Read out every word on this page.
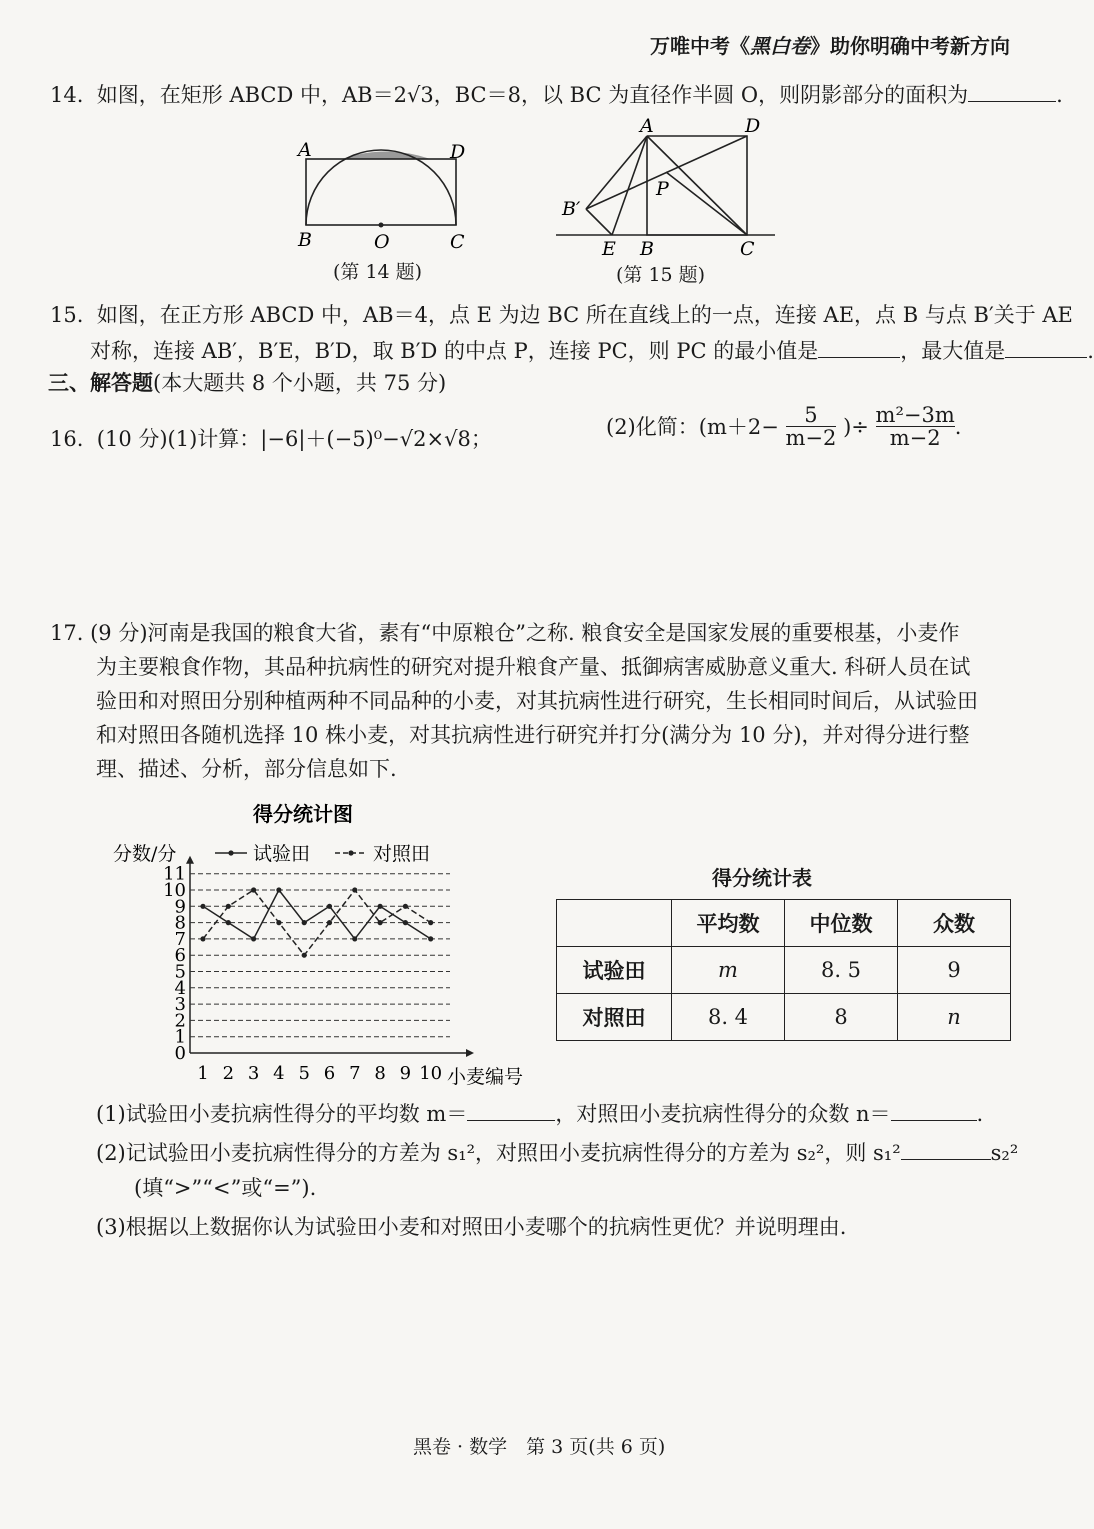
万唯中考《黑白卷》助你明确中考新方向
14. 如图，在矩形 ABCD 中，AB＝2√3，BC＝8，以 BC 为直径作半圆 O，则阴影部分的面积为	.
A	D
B	O	C
(第 14 题)
A	D
P
B′
E B	C
(第 15 题)
15. 如图，在正方形 ABCD 中，AB＝4，点 E 为边 BC 所在直线上的一点，连接 AE，点 B 与点 B′关于 AE
对称，连接 AB′，B′E，B′D，取 B′D 的中点 P，连接 PC，则 PC 的最小值是	，最大值是	.
三、解答题(本大题共 8 个小题，共 75 分)
16. (10 分)(1)计算：|−6|＋(−5)⁰−√2×√8；
(2)化简：($m+2- \frac{5}{m-2}$ )÷ $\frac{\text{m²−3m}}{m-2}$ .
17. (9 分)河南是我国的粮食大省，素有“中原粮仓”之称. 粮食安全是国家发展的重要根基，小麦作
为主要粮食作物，其品种抗病性的研究对提升粮食产量、抵御病害威胁意义重大. 科研人员在试
验田和对照田分别种植两种不同品种的小麦，对其抗病性进行研究，生长相同时间后，从试验田
和对照田各随机选择 10 株小麦，对其抗病性进行研究并打分(满分为 10 分)，并对得分进行整
理、描述、分析，部分信息如下.
得分统计图
分数/分
小麦编号
试验田	对照田
0
1
2
3
4
5
6
7
8
9
10
11
1 2 3 4 5 6 7 8 9 10
得分统计表
	平均数	中位数	众数
试验田	m	8. 5	9
对照田	8. 4	8	n
(1)试验田小麦抗病性得分的平均数 m＝	，对照田小麦抗病性得分的众数 n＝	.
(2)记试验田小麦抗病性得分的方差为 s₁²，对照田小麦抗病性得分的方差为 s₂²，则 s₁²	s₂²
(填“>”“<”或“=”).
(3)根据以上数据你认为试验田小麦和对照田小麦哪个的抗病性更优？并说明理由.
黑卷 · 数学　第 3 页(共 6 页)
